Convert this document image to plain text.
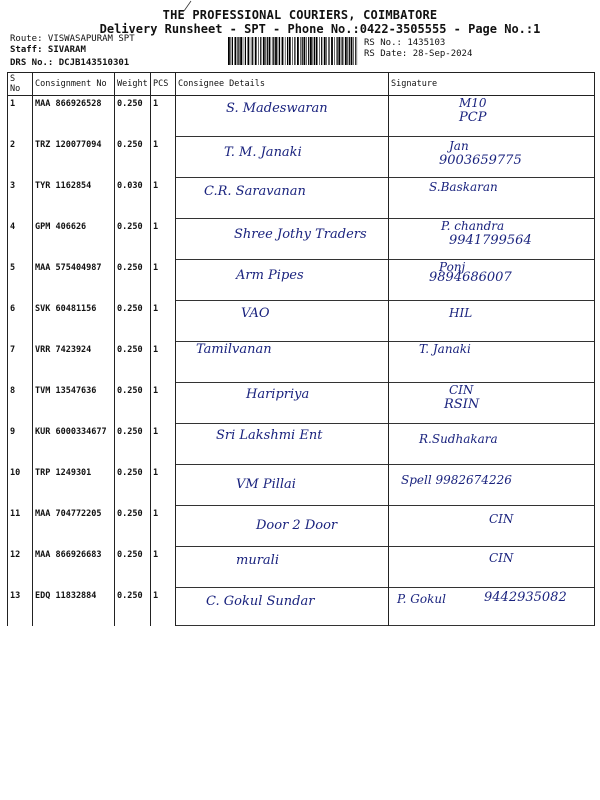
THE PROFESSIONAL COURIERS, COIMBATORE
Delivery Runsheet - SPT - Phone No.:0422-3505555 - Page No.:1
Route: VISWASAPURAM SPT
Staff: SIVARAM
DRS No.: DCJB143510301
RS No.: 1435103
RS Date: 28-Sep-2024
S No	Consignment No	Weight	PCS	Consignee Details	Signature
1	MAA 866926528	0.250	1	S. Madeswaran	M10
PCP

2	TRZ 120077094	0.250	1	T. M. Janaki	Jan
9003659775

3	TYR 1162854	0.030	1	C.R. Saravanan	S.Baskaran

4	GPM 406626	0.250	1	Shree Jothy Traders	P. chandra
9941799564

5	MAA 575404987	0.250	1	Arm Pipes	Ponj
9894686007

6	SVK 60481156	0.250	1	VAO	HIL

7	VRR 7423924	0.250	1	Tamilvanan	T. Janaki

8	TVM 13547636	0.250	1	Haripriya	CIN
RSIN

9	KUR 6000334677	0.250	1	Sri Lakshmi Ent	R.Sudhakara

10	TRP 1249301	0.250	1	VM Pillai	Spell 9982674226

11	MAA 704772205	0.250	1	Door 2 Door	CIN

12	MAA 866926683	0.250	1	murali	CIN

13	EDQ 11832884	0.250	1	C. Gokul Sundar	P. Gokul 9442935082
